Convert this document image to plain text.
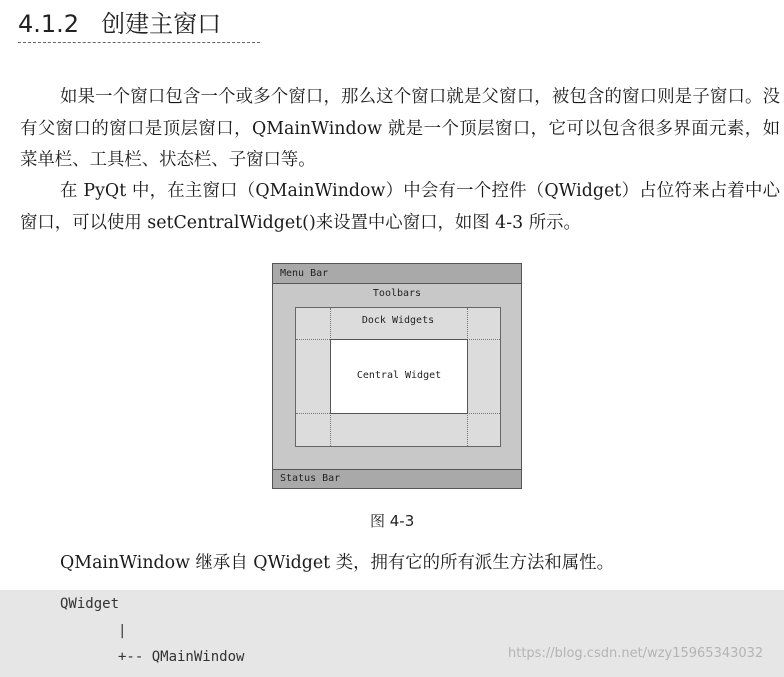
4.1.2 创建主窗口

如果一个窗口包含一个或多个窗口，那么这个窗口就是父窗口，被包含的窗口则是子窗口。没有父窗口的窗口是顶层窗口，QMainWindow 就是一个顶层窗口，它可以包含很多界面元素，如菜单栏、工具栏、状态栏、子窗口等。

在 PyQt 中，在主窗口（QMainWindow）中会有一个控件（QWidget）占位符来占着中心窗口，可以使用 setCentralWidget()来设置中心窗口，如图 4-3 所示。

Menu Bar
Toolbars
Dock Widgets
Central Widget
Status Bar
图 4-3

QMainWindow 继承自 QWidget 类，拥有它的所有派生方法和属性。

QWidget
|
+-- QMainWindow	https://blog.csdn.net/wzy15965343032
